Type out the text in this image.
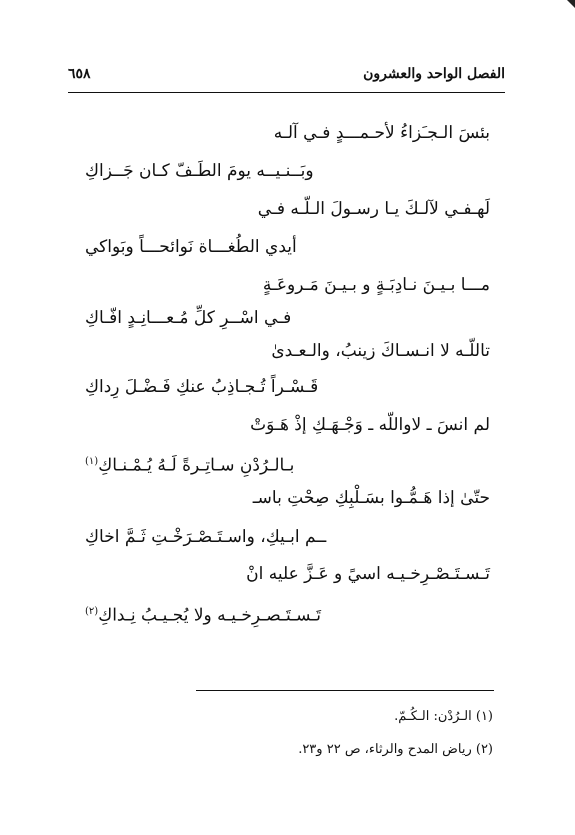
الفصل الواحد والعشرون
٦٥٨
بئسَ الـجـَزاءُ لأحـمـــدٍ فـي آلـه
وبَــنـيــه يومَ الطَـفّ كـان جَــزاكِ
لَهـفـي لآلـكَ يـا رسـولَ الـلّـه فـي
أيدي الطُغـــاة نَوائحـــاً وبَواكي
مـــا بـيـنَ نـادِبَـةٍ و بـيـنَ مَـروعَـةٍ
فـي اسْــرِ كلِّ مُـعـــانِـدٍ افّـاكِ
تاللّـه لا انـسـاكَ زينبُ، والـعـدىٰ
قَـسْـراً تُـجـاذِبُ عنكِ فَـضْـلَ رِداكِ
لم انسَ ـ لاواللّه ـ وَجْـهَـكِ إذْ هَـوَتْ
بـالـرُدْنِ سـاتِـرةً لَـهُ يُـمْـنـاكِ$^{(١)}$
حتّىٰ إذا هَـمُّـوا بسَـلْبِكِ صِحْتِ باسـ
ــم ابـيكِ، واسـتَـصْـرَخْـتِ ثَـمَّ اخاكِ
تَـسـتَـصْـرِخـيـه اسيً و عَـزَّ عليه انْ
تَـسـتَـصـرِخـيـه ولا يُجـيـبُ نِـداكِ$^{(٢)}$
(١) الـرُدْن: الـكُـمّ.
(٢) رياض المدح والرثاء، ص ٢٢ و٢٣.
